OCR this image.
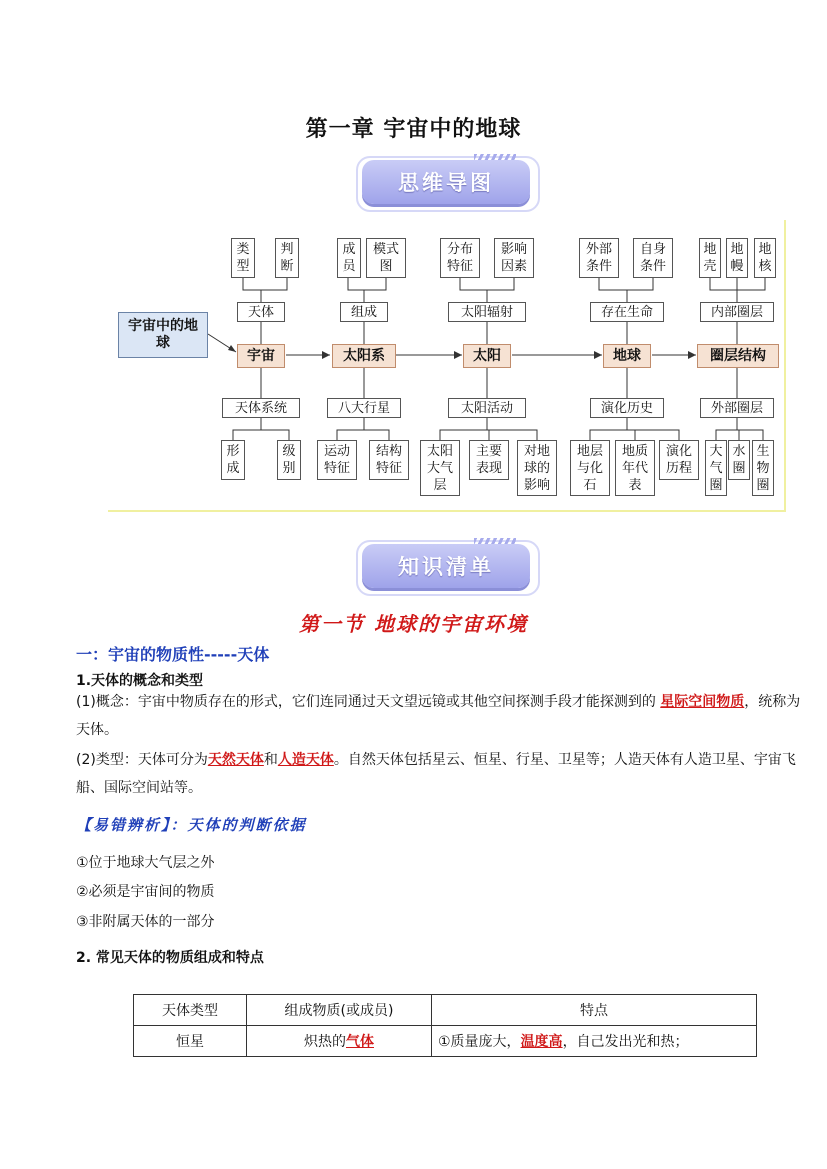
第一章 宇宙中的地球
思维导图
宇宙中的地
球
宇宙	太阳系	太阳	地球	圈层结构
天体	组成	太阳辐射	存在生命	内部圈层
天体系统	八大行星	太阳活动	演化历史	外部圈层
类
型
判
断
成
员
模式
图
分布
特征
影响
因素
外部
条件
自身
条件
地
壳
地
幔
地
核
形
成
级
别
运动
特征
结构
特征
太阳
大气
层
主要
表现
对地
球的
影响
地层
与化
石
地质
年代
表
演化
历程
大
气
圈
水
圈
生
物
圈
知识清单
第一节 地球的宇宙环境
一：宇宙的物质性-----天体
1.天体的概念和类型
(1)概念：宇宙中物质存在的形式，它们连同通过天文望远镜或其他空间探测手段才能探测到的 星际空间物质，统称为天体。
(2)类型：天体可分为天然天体和人造天体。自然天体包括星云、恒星、行星、卫星等；人造天体有人造卫星、宇宙飞船、国际空间站等。
【易错辨析】：天体的判断依据
①位于地球大气层之外
②必须是宇宙间的物质
③非附属天体的一部分
2. 常见天体的物质组成和特点
天体类型	组成物质(或成员)	特点
恒星	炽热的气体	①质量庞大，温度高，自己发出光和热；
